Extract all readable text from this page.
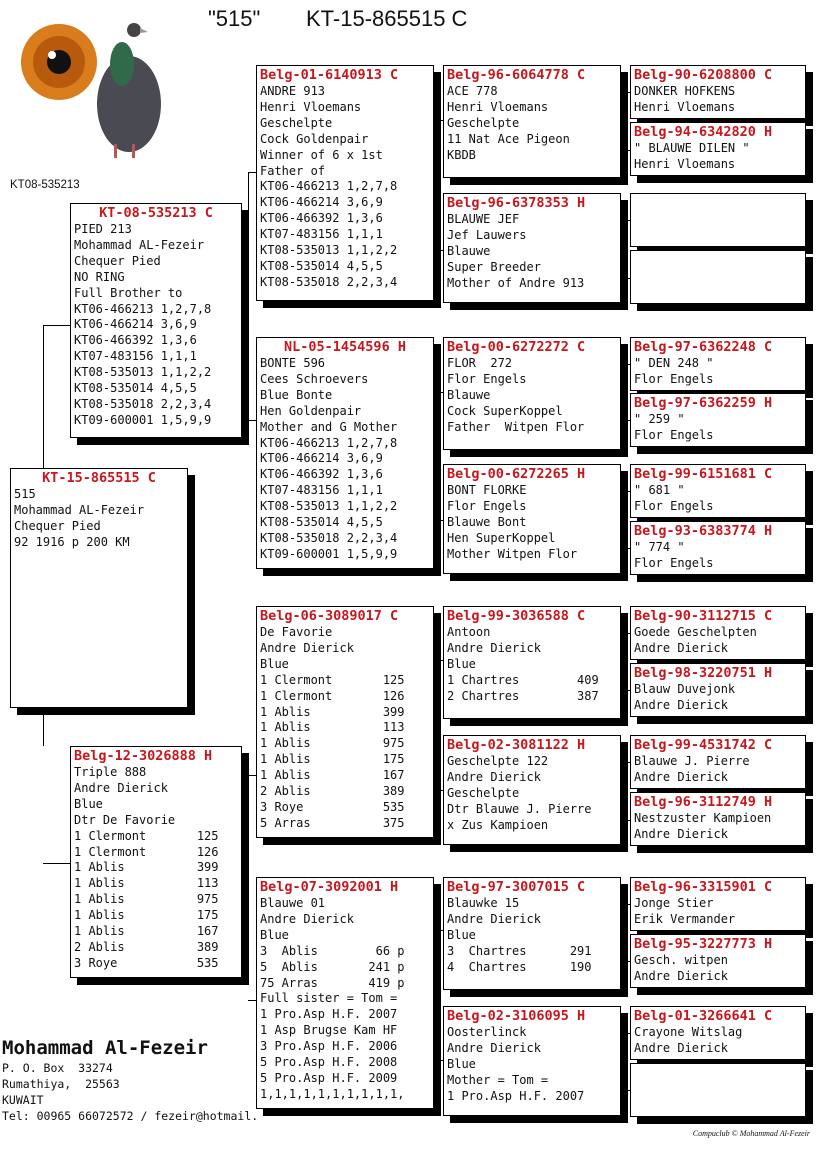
"515" KT-15-865515 C
KT08-535213
KT-15-865515 C
515
Mohammad AL-Fezeir
Chequer Pied
92 1916 p 200 KM
KT-08-535213 C
PIED 213
Mohammad AL-Fezeir
Chequer Pied
NO RING
Full Brother to
KT06-466213 1,2,7,8
KT06-466214 3,6,9
KT06-466392 1,3,6
KT07-483156 1,1,1
KT08-535013 1,1,2,2
KT08-535014 4,5,5
KT08-535018 2,2,3,4
KT09-600001 1,5,9,9
Belg-12-3026888 H
Triple 888
Andre Dierick
Blue
Dtr De Favorie
1 Clermont       125
1 Clermont       126
1 Ablis          399
1 Ablis          113
1 Ablis          975
1 Ablis          175
1 Ablis          167
2 Ablis          389
3 Roye           535
Belg-01-6140913 C
ANDRE 913
Henri Vloemans
Geschelpte
Cock Goldenpair
Winner of 6 x 1st
Father of
KT06-466213 1,2,7,8
KT06-466214 3,6,9
KT06-466392 1,3,6
KT07-483156 1,1,1
KT08-535013 1,1,2,2
KT08-535014 4,5,5
KT08-535018 2,2,3,4
NL-05-1454596 H
BONTE 596
Cees Schroevers
Blue Bonte
Hen Goldenpair
Mother and G Mother
KT06-466213 1,2,7,8
KT06-466214 3,6,9
KT06-466392 1,3,6
KT07-483156 1,1,1
KT08-535013 1,1,2,2
KT08-535014 4,5,5
KT08-535018 2,2,3,4
KT09-600001 1,5,9,9
Belg-06-3089017 C
De Favorie
Andre Dierick
Blue
1 Clermont       125
1 Clermont       126
1 Ablis          399
1 Ablis          113
1 Ablis          975
1 Ablis          175
1 Ablis          167
2 Ablis          389
3 Roye           535
5 Arras          375
Belg-07-3092001 H
Blauwe 01
Andre Dierick
Blue
3  Ablis        66 p
5  Ablis       241 p
75 Arras       419 p
Full sister = Tom =
1 Pro.Asp H.F. 2007
1 Asp Brugse Kam HF
3 Pro.Asp H.F. 2006
5 Pro.Asp H.F. 2008
5 Pro.Asp H.F. 2009
1,1,1,1,1,1,1,1,1,1,
Belg-96-6064778 C
ACE 778
Henri Vloemans
Geschelpte
11 Nat Ace Pigeon
KBDB
Belg-96-6378353 H
BLAUWE JEF
Jef Lauwers
Blauwe
Super Breeder
Mother of Andre 913
Belg-00-6272272 C
FLOR  272
Flor Engels
Blauwe
Cock SuperKoppel
Father  Witpen Flor
Belg-00-6272265 H
BONT FLORKE
Flor Engels
Blauwe Bont
Hen SuperKoppel
Mother Witpen Flor
Belg-99-3036588 C
Antoon
Andre Dierick
Blue
1 Chartres        409
2 Chartres        387
Belg-02-3081122 H
Geschelpte 122
Andre Dierick
Geschelpte
Dtr Blauwe J. Pierre
x Zus Kampioen
Belg-97-3007015 C
Blauwke 15
Andre Dierick
Blue
3  Chartres      291
4  Chartres      190
Belg-02-3106095 H
Oosterlinck
Andre Dierick
Blue
Mother = Tom =
1 Pro.Asp H.F. 2007
Belg-90-6208800 C
DONKER HOFKENS
Henri Vloemans
Belg-94-6342820 H
" BLAUWE DILEN "
Henri Vloemans
Belg-97-6362248 C
" DEN 248 "
Flor Engels
Belg-97-6362259 H
" 259 "
Flor Engels
Belg-99-6151681 C
" 681 "
Flor Engels
Belg-93-6383774 H
" 774 "
Flor Engels
Belg-90-3112715 C
Goede Geschelpten
Andre Dierick
Belg-98-3220751 H
Blauw Duvejonk
Andre Dierick
Belg-99-4531742 C
Blauwe J. Pierre
Andre Dierick
Belg-96-3112749 H
Nestzuster Kampioen
Andre Dierick
Belg-96-3315901 C
Jonge Stier
Erik Vermander
Belg-95-3227773 H
Gesch. witpen
Andre Dierick
Belg-01-3266641 C
Crayone Witslag
Andre Dierick
Mohammad Al-Fezeir
P. O. Box  33274
Rumathiya,  25563
KUWAIT
Tel: 00965 66072572 / fezeir@hotmail.
Compuclub © Mohammad Al-Fezeir
